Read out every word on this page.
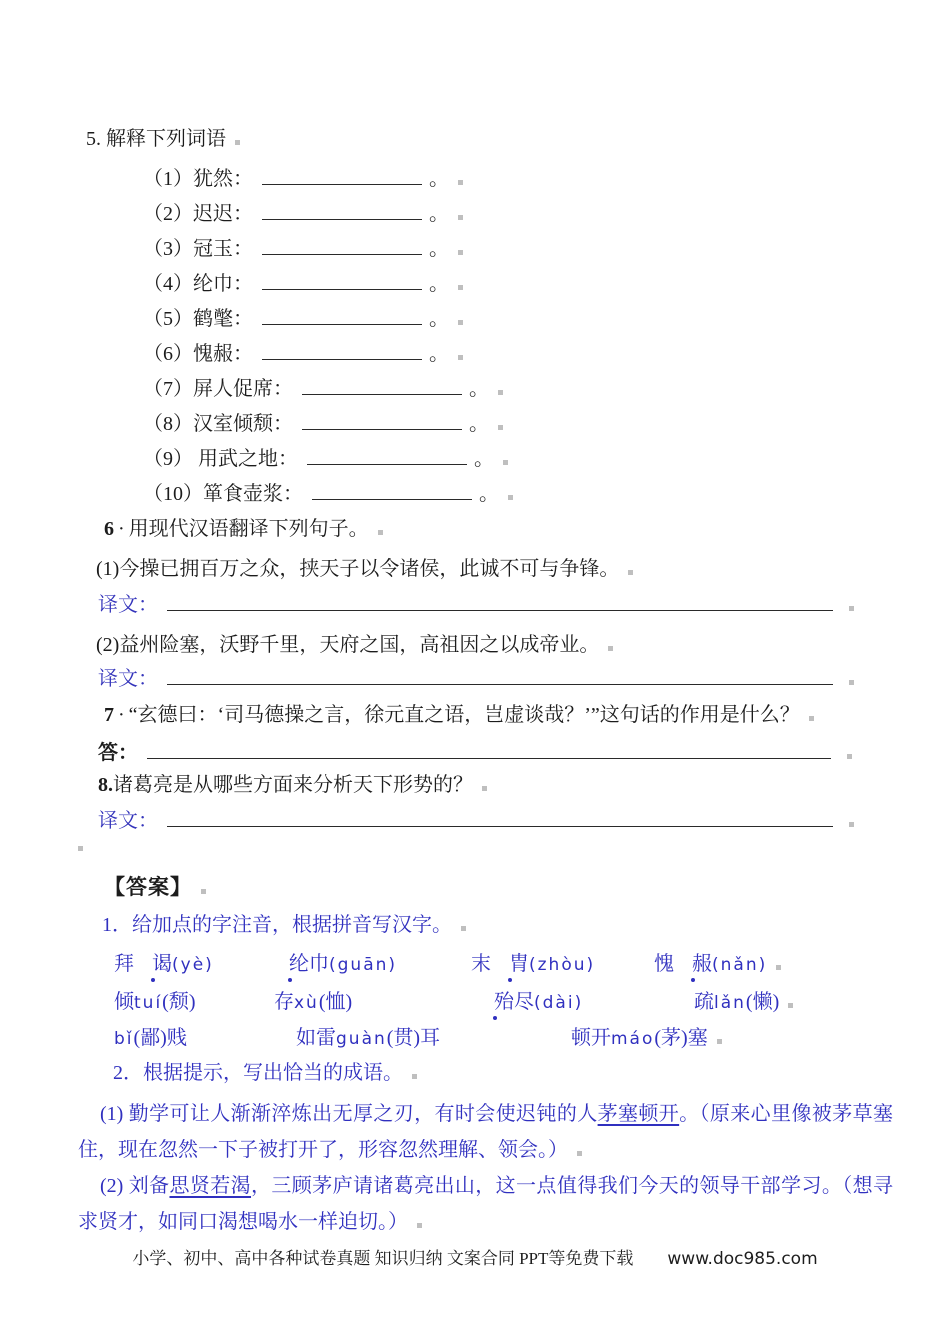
5. 解释下列词语

（1）犹然：	。

（2）迟迟：	。

（3）冠玉：	。

（4）纶巾：	。

（5）鹤氅：	。

（6）愧赧：	。

（7）屏人促席：	。

（8）汉室倾颓：	。

（9） 用武之地：	。

（10）箪食壶浆：	。

6 · 用现代汉语翻译下列句子。

(1)今操已拥百万之众，挟天子以令诸侯，此诚不可与争锋。

译文：

(2)益州险塞，沃野千里，天府之国，高祖因之以成帝业。

译文：

7 · “玄德曰：‘司马德操之言，徐元直之语，岂虚谈哉？’”这句话的作用是什么？

答：

8.诸葛亮是从哪些方面来分析天下形势的？

译文：

【答案】

1．给加点的字注音，根据拼音写汉字。

拜 谒(yè)	纶巾(guān)	末 胄(zhòu)	愧 赧(nǎn)

倾tuí(颓)	存xù(恤)	殆尽(dài)	疏lǎn(懒)

bǐ(鄙)贱	如雷guàn(贯)耳	顿开máo(茅)塞

2．根据提示，写出恰当的成语。

(1) 勤学可让人渐渐淬炼出无厚之刃，有时会使迟钝的人茅塞顿开。（原来心里像被茅草塞住，现在忽然一下子被打开了，形容忽然理解、领会。）

(2) 刘备思贤若渴，三顾茅庐请诸葛亮出山，这一点值得我们今天的领导干部学习。（想寻求贤才，如同口渴想喝水一样迫切。）

小学、初中、高中各种试卷真题 知识归纳 文案合同 PPT等免费下载 www.doc985.com
